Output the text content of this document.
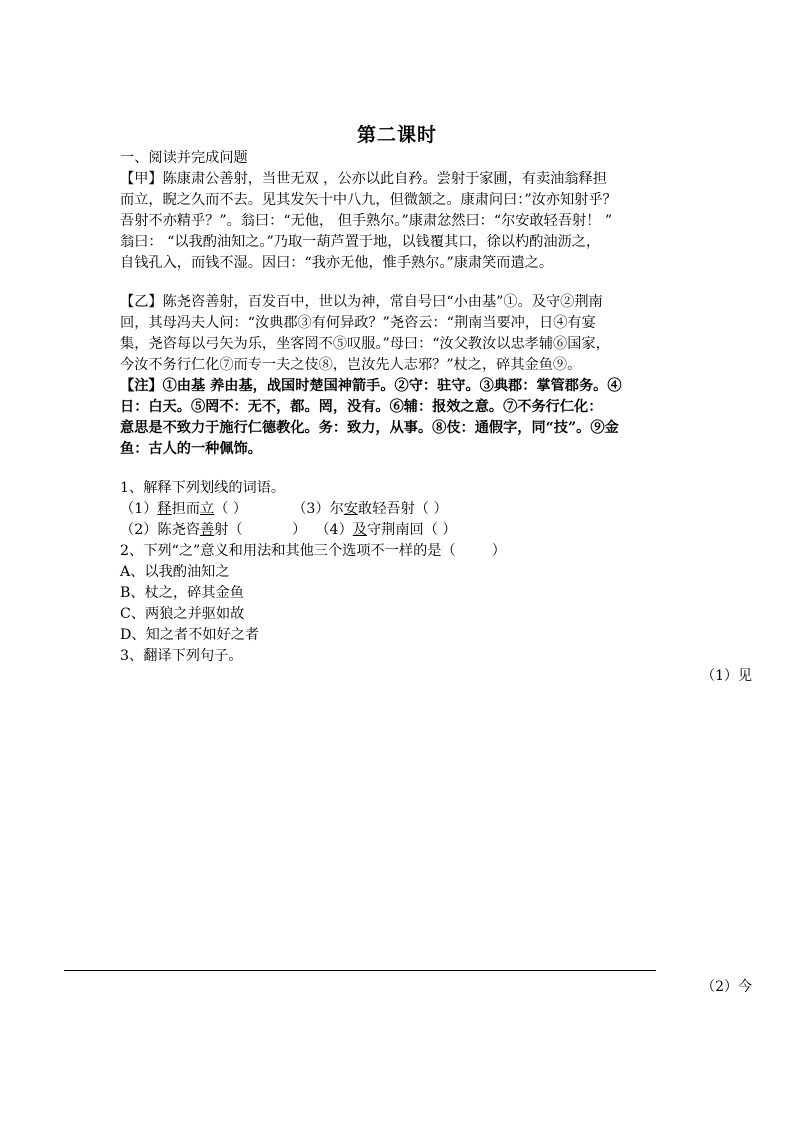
第二课时
一、阅读并完成问题
【甲】陈康肃公善射，当世无双 ，公亦以此自矜。尝射于家圃，有卖油翁释担
而立，睨之久而不去。见其发矢十中八九，但微颔之。康肃问曰：”汝亦知射乎？
吾射不亦精乎？”。翁曰：“无他， 但手熟尔。”康肃忿然曰：“尔安敢轻吾射！ ”
翁曰： “以我酌油知之。”乃取一葫芦置于地，以钱覆其口，徐以杓酌油沥之，
自钱孔入，而钱不湿。因曰：“我亦无他，惟手熟尔。”康肃笑而遣之。
【乙】陈尧咨善射，百发百中，世以为神，常自号曰“小由基”①。及守②荆南
回，其母冯夫人问：“汝典郡③有何异政？”尧咨云：“荆南当要冲，日④有宴
集，尧咨每以弓矢为乐，坐客罔不⑤叹服。”母曰：“汝父教汝以忠孝辅⑥国家，
今汝不务行仁化⑦而专一夫之伎⑧，岂汝先人志邪？”杖之，碎其金鱼⑨。
【注】①由基 养由基，战国时楚国神箭手。②守：驻守。③典郡：掌管郡务。④
日：白天。⑤罔不：无不，都。罔，没有。⑥辅：报效之意。⑦不务行仁化：
意思是不致力于施行仁德教化。务：致力，从事。⑧伎：通假字，同“技”。⑨金
鱼：古人的一种佩饰。
1、解释下列划线的词语。
（1）释担而立（ ）	（3）尔安敢轻吾射（ ）
（2）陈尧咨善射（           ）  （4）及守荆南回（ ）
2、下列“之”意义和用法和其他三个选项不一样的是（        ）
A、以我酌油知之
B、杖之，碎其金鱼
C、两狼之并驱如故
D、知之者不如好之者
3、翻译下列句子。
（1）见
（2）今
